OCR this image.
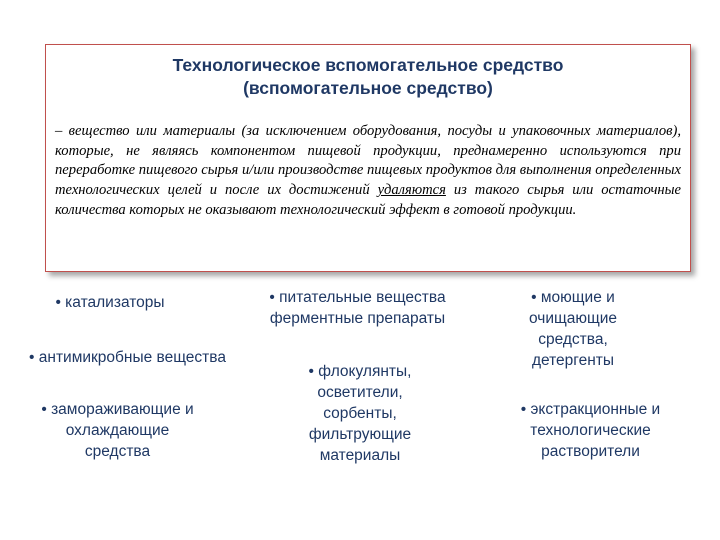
Технологическое вспомогательное средство
(вспомогательное средство)
– вещество или материалы (за исключением оборудования, посуды и упаковочных материалов), которые, не являясь компонентом пищевой продукции, преднамеренно используются при переработке пищевого сырья и/или производстве пищевых продуктов для выполнения определенных технологических целей и после их достижений удаляются из такого сырья или остаточные количества которых не оказывают технологический эффект в готовой продукции.
• катализаторы	• питательные вещества
ферментные препараты
• моющие и
очищающие
средства,
детергенты
• антимикробные вещества
• флокулянты,
осветители,
сорбенты,
фильтрующие
материалы
• замораживающие и
охлаждающие
средства
• экстракционные и
технологические
растворители
